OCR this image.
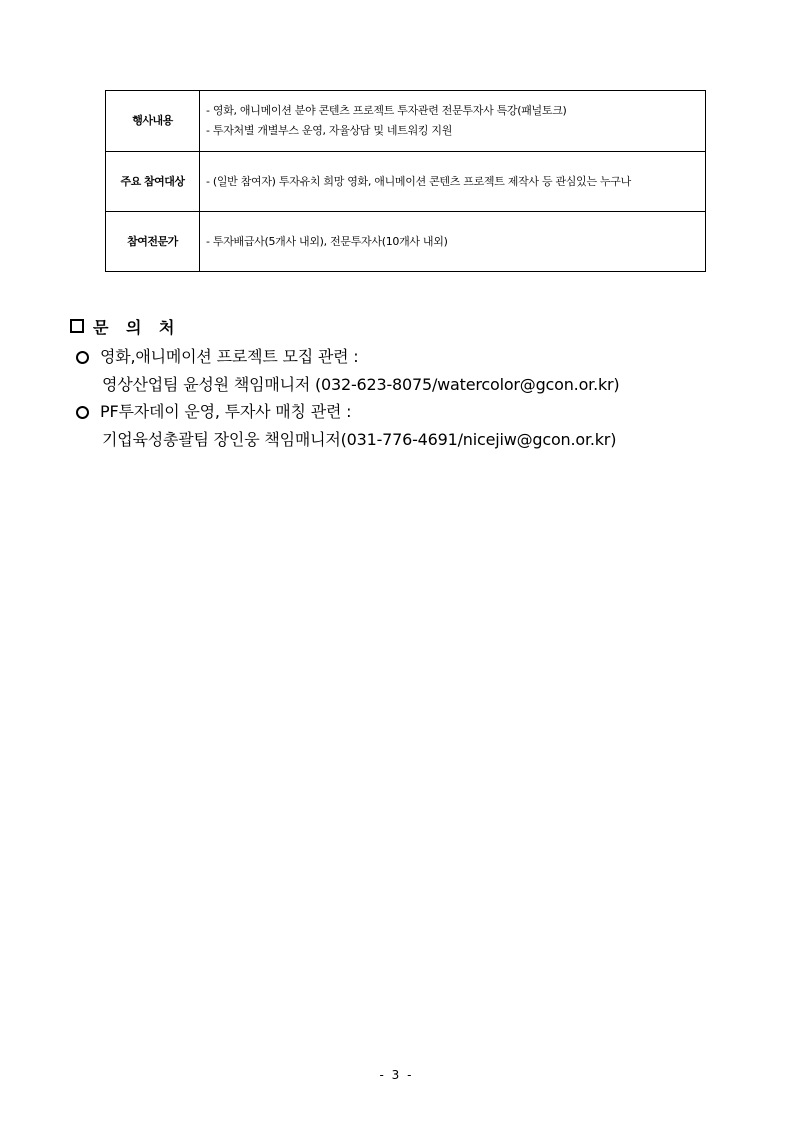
행사내용	- 영화, 애니메이션 분야 콘텐츠 프로젝트 투자관련 전문투자사 특강(패널토크)
- 투자처별 개별부스 운영, 자율상담 및 네트워킹 지원

주요 참여대상	- (일반 참여자) 투자유치 희망 영화, 애니메이션 콘텐츠 프로젝트 제작사 등 관심있는 누구나

참여전문가	- 투자배급사(5개사 내외), 전문투자사(10개사 내외)
문 의 처
영화,애니메이션 프로젝트 모집 관련 :
영상산업팀 윤성원 책임매니저 (032-623-8075/watercolor@gcon.or.kr)
PF투자데이 운영, 투자사 매칭 관련 :
기업육성총괄팀 장인웅 책임매니저(031-776-4691/nicejiw@gcon.or.kr)
- 3 -
